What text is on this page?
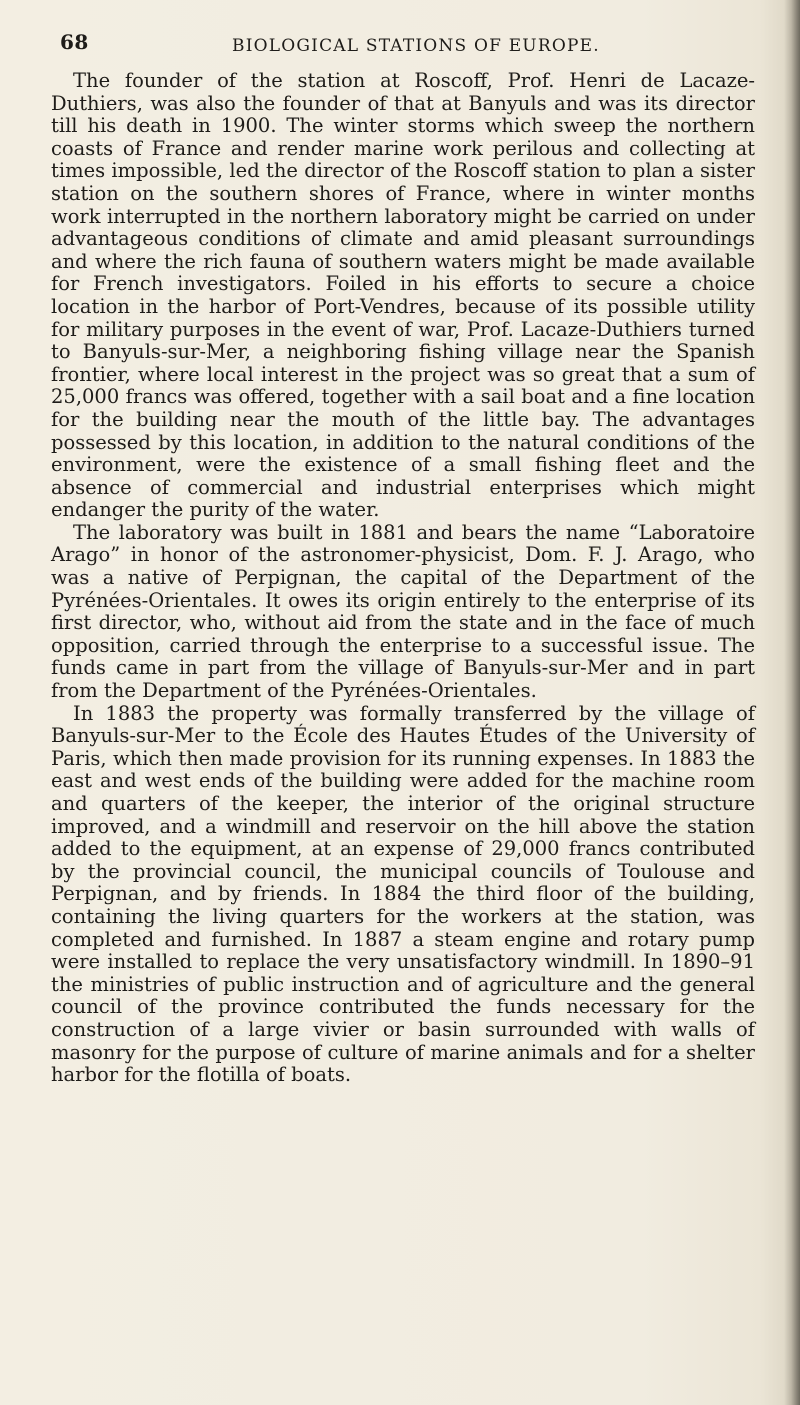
68	BIOLOGICAL STATIONS OF EUROPE.

The founder of the station at Roscoff, Prof. Henri de Lacaze-Duthiers, was also the founder of that at Banyuls and was its director till his death in 1900. The winter storms which sweep the northern coasts of France and render marine work perilous and collecting at times impossible, led the director of the Roscoff station to plan a sister station on the southern shores of France, where in winter months work interrupted in the northern laboratory might be carried on under advantageous conditions of climate and amid pleasant surroundings and where the rich fauna of southern waters might be made available for French investigators. Foiled in his efforts to secure a choice location in the harbor of Port-Vendres, because of its possible utility for military purposes in the event of war, Prof. Lacaze-Duthiers turned to Banyuls-sur-Mer, a neighboring fishing village near the Spanish frontier, where local interest in the project was so great that a sum of 25,000 francs was offered, together with a sail boat and a fine location for the building near the mouth of the little bay. The advantages possessed by this location, in addition to the natural conditions of the environment, were the existence of a small fishing fleet and the absence of commercial and industrial enterprises which might endanger the purity of the water.

The laboratory was built in 1881 and bears the name “Laboratoire Arago” in honor of the astronomer-physicist, Dom. F. J. Arago, who was a native of Perpignan, the capital of the Department of the Pyrénées-Orientales. It owes its origin entirely to the enterprise of its first director, who, without aid from the state and in the face of much opposition, carried through the enterprise to a successful issue. The funds came in part from the village of Banyuls-sur-Mer and in part from the Department of the Pyrénées-Orientales.

In 1883 the property was formally transferred by the village of Banyuls-sur-Mer to the École des Hautes Études of the University of Paris, which then made provision for its running expenses. In 1883 the east and west ends of the building were added for the machine room and quarters of the keeper, the interior of the original structure improved, and a windmill and reservoir on the hill above the station added to the equipment, at an expense of 29,000 francs contributed by the provincial council, the municipal councils of Toulouse and Perpignan, and by friends. In 1884 the third floor of the building, containing the living quarters for the workers at the station, was completed and furnished. In 1887 a steam engine and rotary pump were installed to replace the very unsatisfactory windmill. In 1890–91 the ministries of public instruction and of agriculture and the general council of the province contributed the funds necessary for the construction of a large vivier or basin surrounded with walls of masonry for the purpose of culture of marine animals and for a shelter harbor for the flotilla of boats.
